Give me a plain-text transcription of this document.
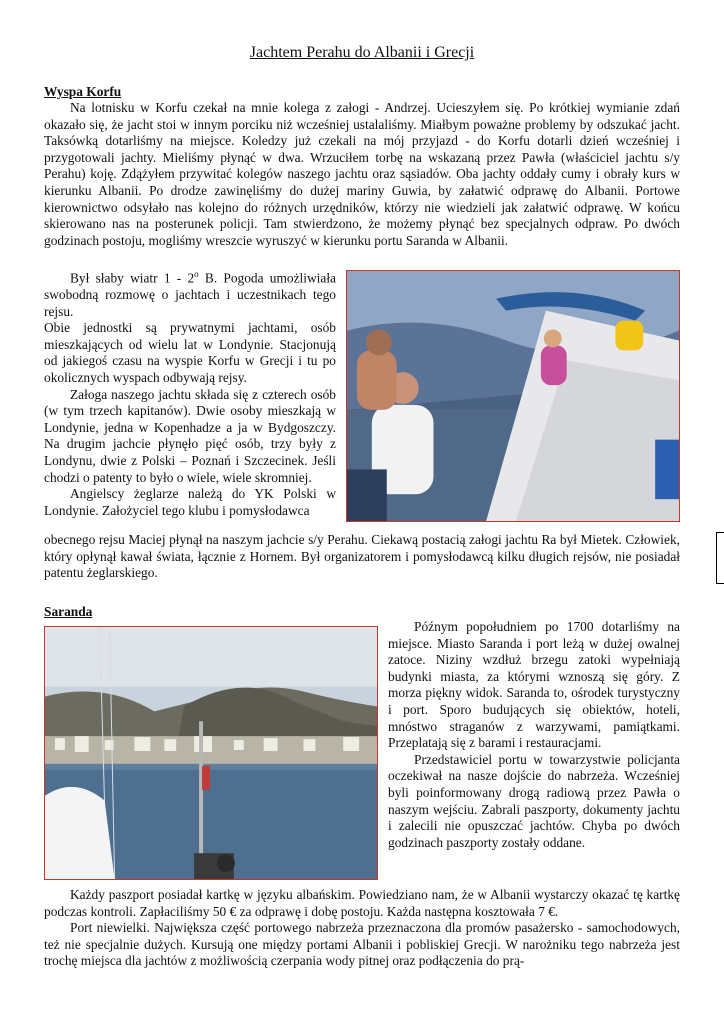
Jachtem Perahu do Albanii i Grecji
Wyspa Korfu

Na lotnisku w Korfu czekał na mnie kolega z załogi - Andrzej. Ucieszyłem się. Po krótkiej wymianie zdań okazało się, że jacht stoi w innym porciku niż wcześniej ustalaliśmy. Miałbym poważne problemy by odszukać jacht. Taksówką dotarliśmy na miejsce. Koledzy już czekali na mój przyjazd - do Korfu dotarli dzień wcześniej i przygotowali jachty. Mieliśmy płynąć w dwa. Wrzuciłem torbę na wskazaną przez Pawła (właściciel jachtu s/y Perahu) koję. Zdążyłem przywitać kolegów naszego jachtu oraz sąsiadów. Oba jachty oddały cumy i obrały kurs w kierunku Albanii. Po drodze zawinęliśmy do dużej mariny Guwia, by załatwić odprawę do Albanii. Portowe kierownictwo odsyłało nas kolejno do różnych urzędników, którzy nie wiedzieli jak załatwić odprawę. W końcu skierowano nas na posterunek policji. Tam stwierdzono, że możemy płynąć bez specjalnych odpraw. Po dwóch godzinach postoju, mogliśmy wreszcie wyruszyć w kierunku portu Saranda w Albanii.

Był słaby wiatr 1 - 2$^o$ B. Pogoda umożliwiała swobodną rozmowę o jachtach i uczestnikach tego rejsu.

Obie jednostki są prywatnymi jachtami, osób mieszkających od wielu lat w Londynie. Stacjonują od jakiegoś czasu na wyspie Korfu w Grecji i tu po okolicznych wyspach odbywają rejsy.

Załoga naszego jachtu składa się z czterech osób (w tym trzech kapitanów). Dwie osoby mieszkają w Londynie, jedna w Kopenhadze a ja w Bydgoszczy. Na drugim jachcie płynęło pięć osób, trzy były z Londynu, dwie z Polski – Poznań i Szczecinek. Jeśli chodzi o patenty to było o wiele, wiele skromniej.

Angielscy żeglarze należą do YK Polski w Londynie. Założyciel tego klubu i pomysłodawca

obecnego rejsu Maciej płynął na naszym jachcie s/y Perahu. Ciekawą postacią załogi jachtu Ra był Mietek. Człowiek, który opłynął kawał świata, łącznie z Hornem. Był organizatorem i pomysłodawcą kilku długich rejsów, nie posiadał patentu żeglarskiego.

Saranda

Późnym popołudniem po 1700 dotarliśmy na miejsce. Miasto Saranda i port leżą w dużej owalnej zatoce. Niziny wzdłuż brzegu zatoki wypełniają budynki miasta, za którymi wznoszą się góry. Z morza piękny widok. Saranda to, ośrodek turystyczny i port. Sporo budujących się obiektów, hoteli, mnóstwo straganów z warzywami, pamiątkami. Przeplatają się z barami i restauracjami.

Przedstawiciel portu w towarzystwie policjanta oczekiwał na nasze dojście do nabrzeża. Wcześniej byli poinformowany drogą radiową przez Pawła o naszym wejściu. Zabrali paszporty, dokumenty jachtu i zalecili nie opuszczać jachtów. Chyba po dwóch godzinach paszporty zostały oddane.

Każdy paszport posiadał kartkę w języku albańskim. Powiedziano nam, że w Albanii wystarczy okazać tę kartkę podczas kontroli. Zapłaciliśmy 50 € za odprawę i dobę postoju. Każda następna kosztowała 7 €.

Port niewielki. Największa część portowego nabrzeża przeznaczona dla promów pasażersko - samochodowych, też nie specjalnie dużych. Kursują one między portami Albanii i pobliskiej Grecji. W narożniku tego nabrzeża jest trochę miejsca dla jachtów z możliwością czerpania wody pitnej oraz podłączenia do prą-
